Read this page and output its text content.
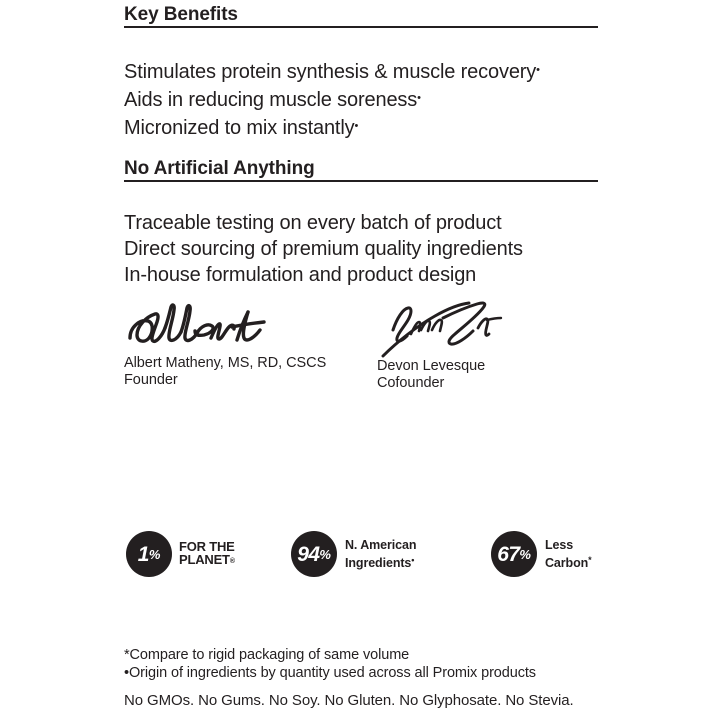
Key Benefits
Stimulates protein synthesis & muscle recovery•
Aids in reducing muscle soreness•
Micronized to mix instantly•
No Artificial Anything
Traceable testing on every batch of product
Direct sourcing of premium quality ingredients
In-house formulation and product design
Albert Matheny, MS, RD, CSCS
Founder
Devon Levesque
Cofounder
1%
FOR THE
PLANET®	94%
N. American
Ingredients•	67%
Less
Carbon*
*Compare to rigid packaging of same volume
•Origin of ingredients by quantity used across all Promix products
No GMOs. No Gums. No Soy. No Gluten. No Glyphosate. No Stevia.
